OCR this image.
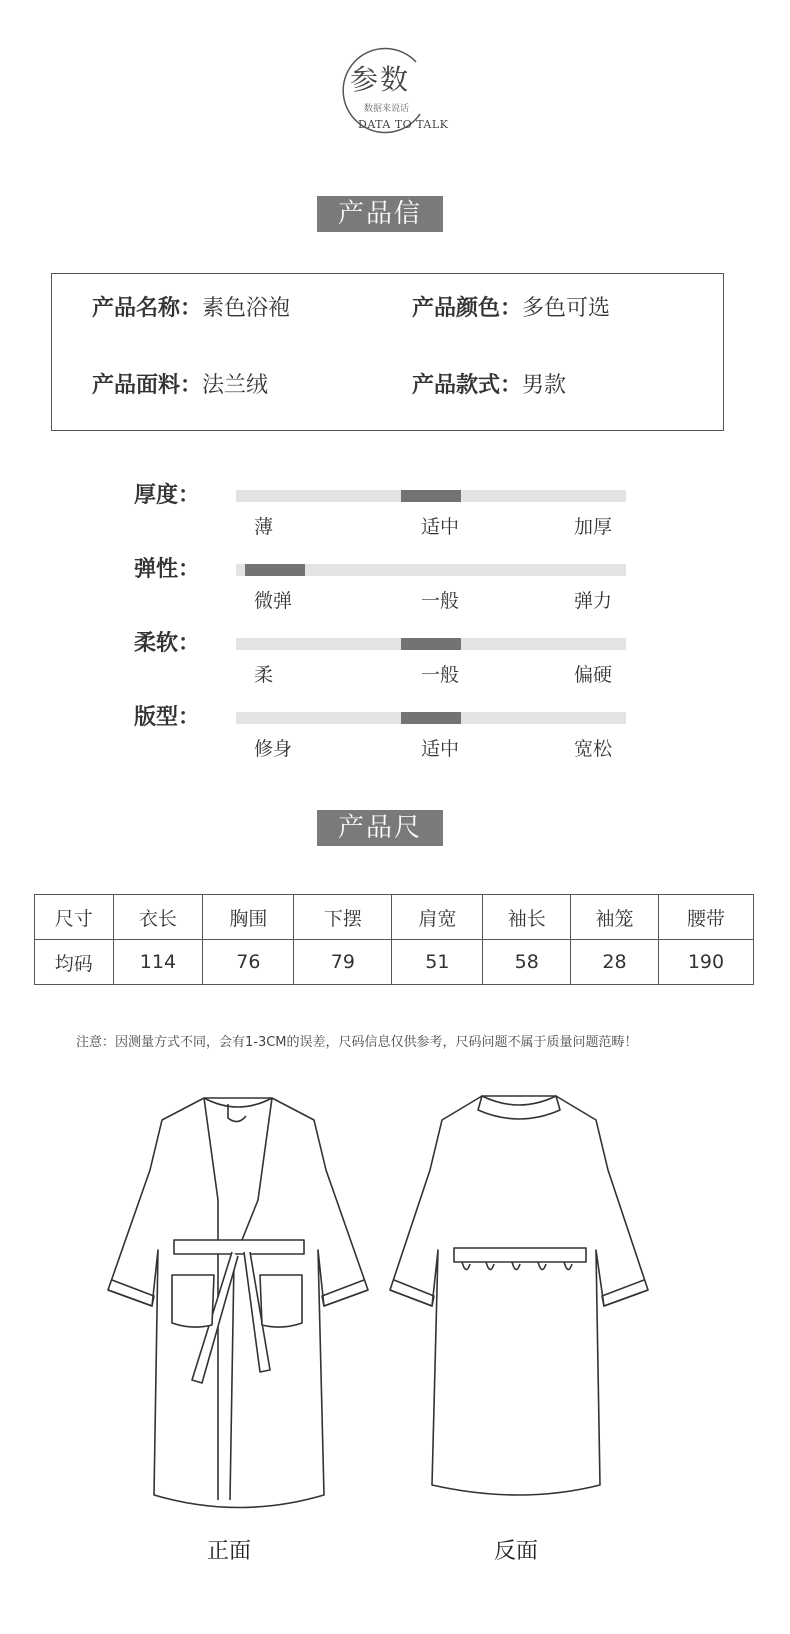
参数
数据来说话
DATA TO TALK
产品信息
产品名称：素色浴袍	产品颜色：多色可选
产品面料：法兰绒	产品款式：男款
厚度：
薄	适中	加厚
弹性：
微弹	一般	弹力
柔软：
柔	一般	偏硬
版型：
修身	适中	宽松
产品尺码
尺寸	衣长	胸围	下摆	肩宽	袖长	袖笼	腰带
均码	114	76	79	51	58	28	190
注意：因测量方式不同，会有1-3CM的误差，尺码信息仅供参考，尺码问题不属于质量问题范畴！
正面	反面
